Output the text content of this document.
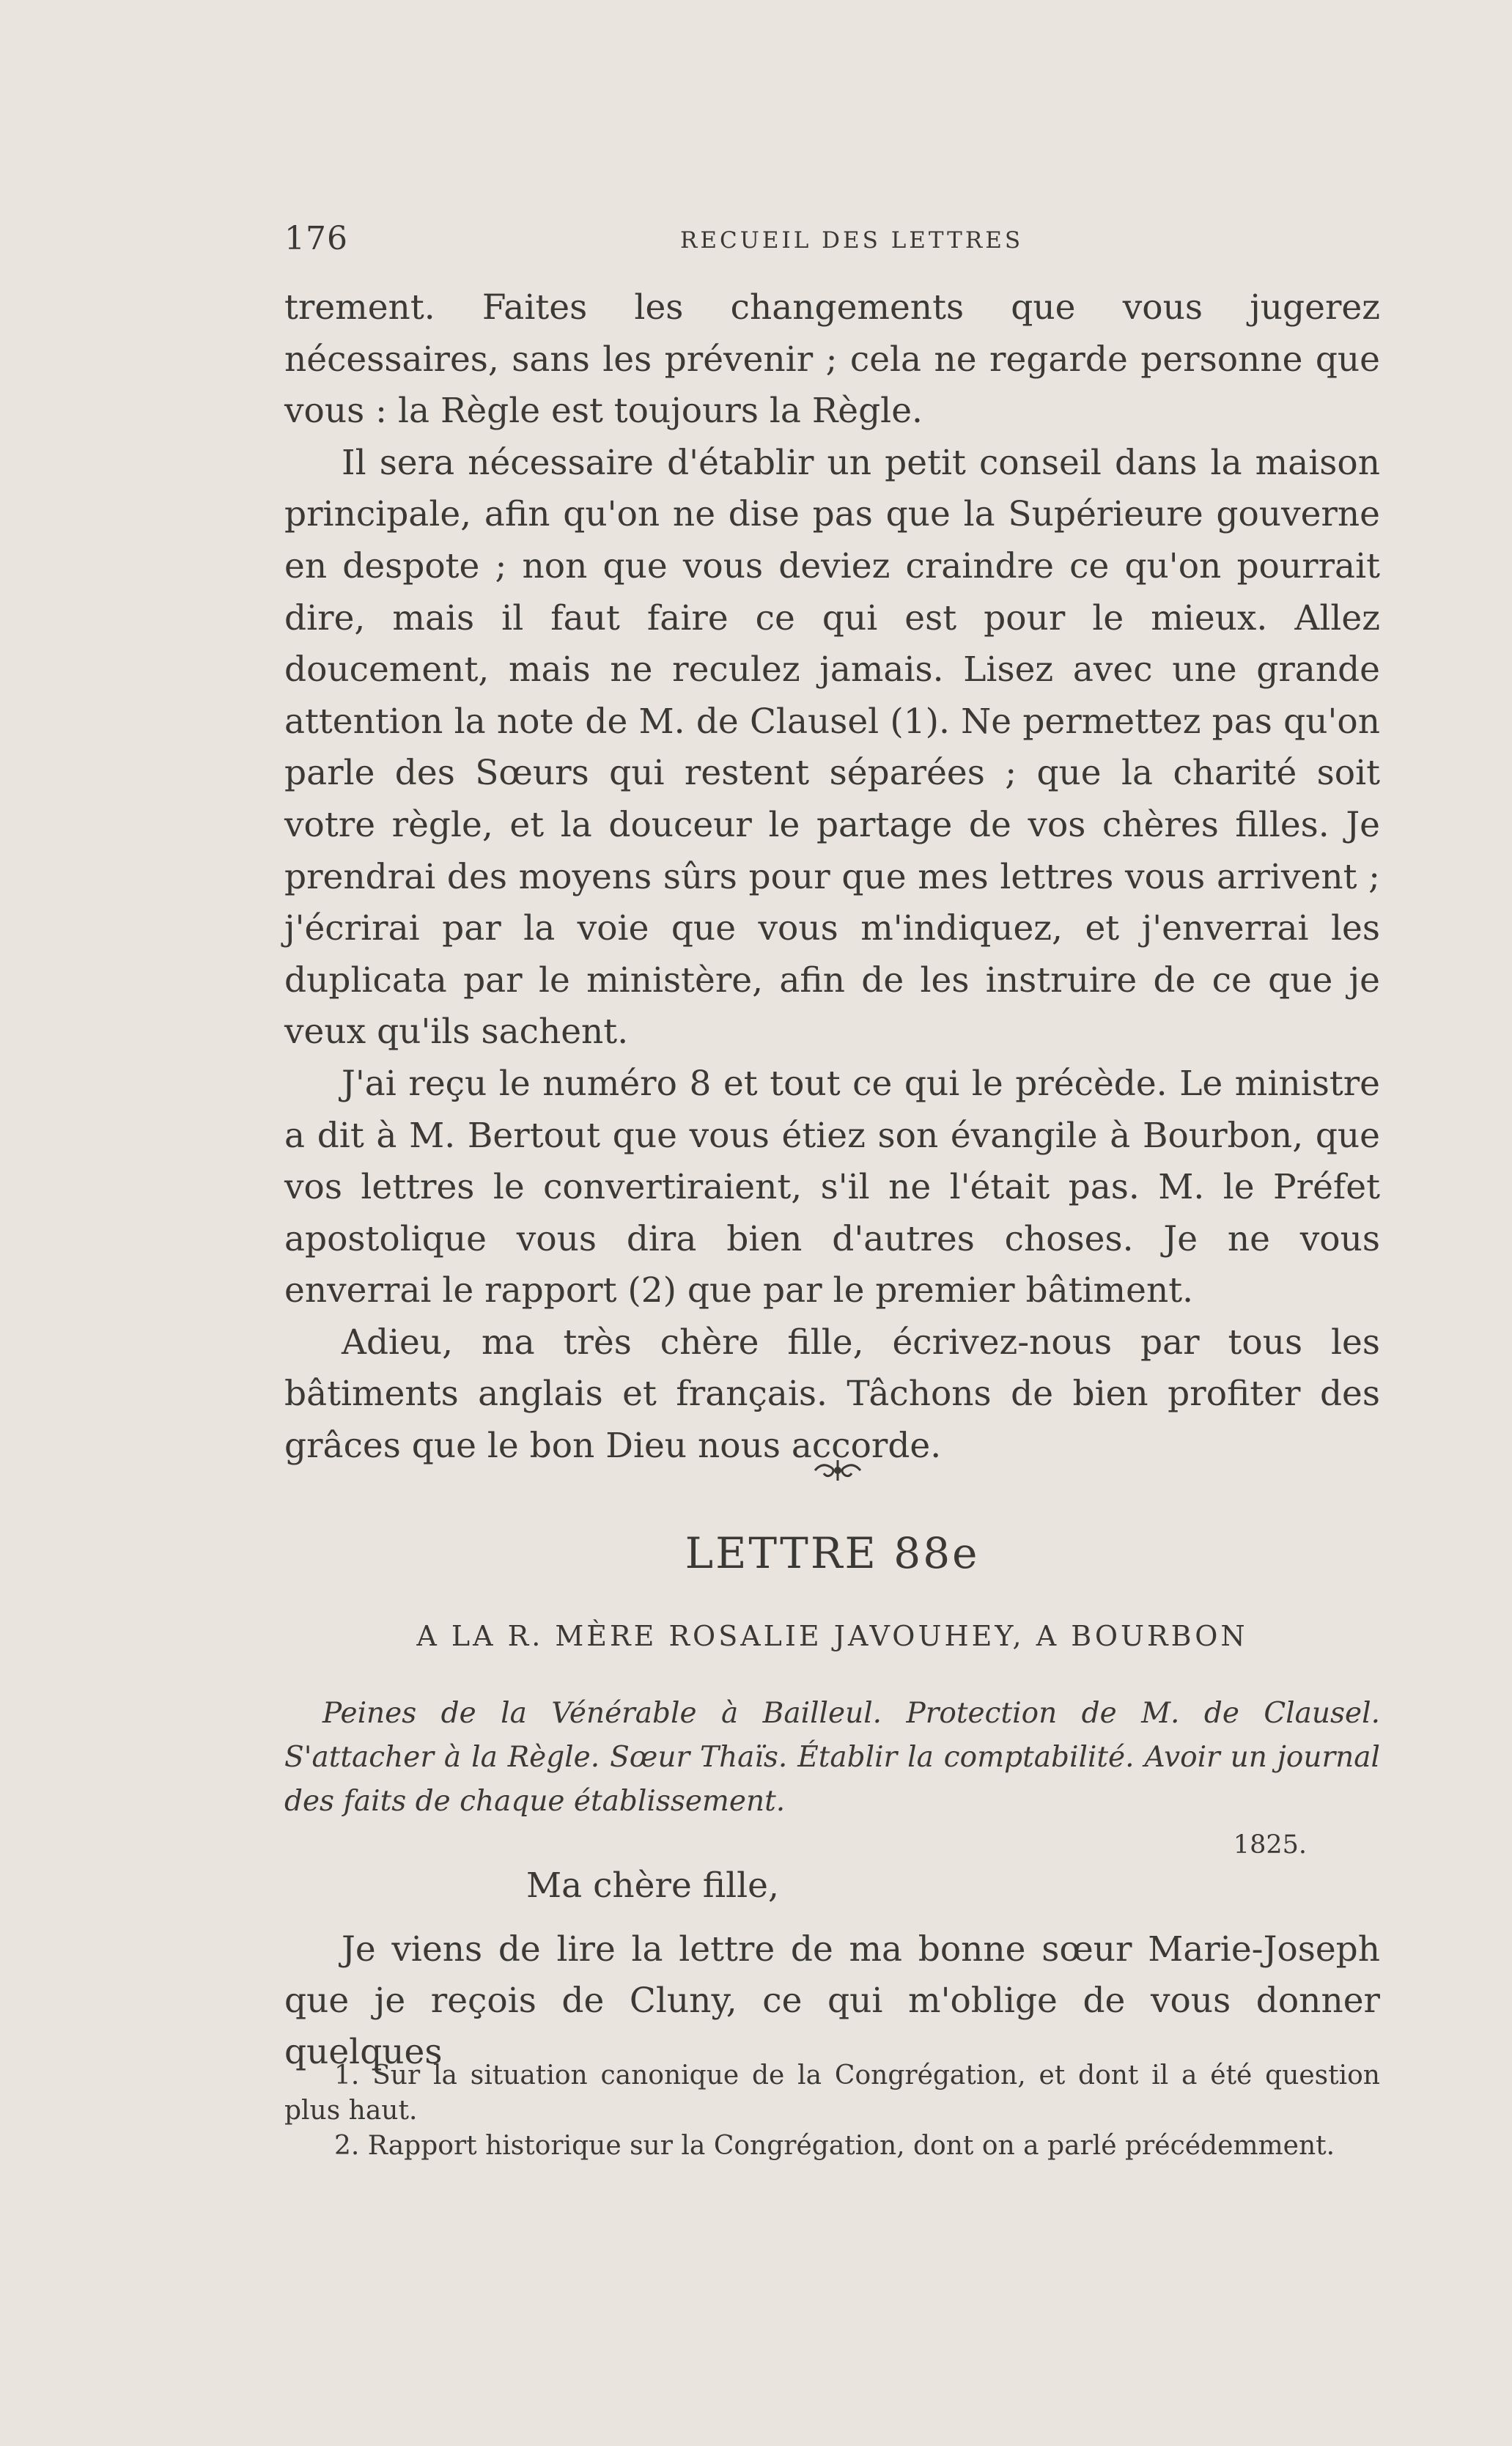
176	RECUEIL DES LETTRES

trement. Faites les changements que vous jugerez nécessaires, sans les prévenir ; cela ne regarde personne que vous : la Règle est toujours la Règle.

Il sera nécessaire d'établir un petit conseil dans la maison principale, afin qu'on ne dise pas que la Supérieure gouverne en despote ; non que vous deviez craindre ce qu'on pourrait dire, mais il faut faire ce qui est pour le mieux. Allez doucement, mais ne reculez jamais. Lisez avec une grande attention la note de M. de Clausel (1). Ne permettez pas qu'on parle des Sœurs qui restent séparées ; que la charité soit votre règle, et la douceur le partage de vos chères filles. Je prendrai des moyens sûrs pour que mes lettres vous arrivent ; j'écrirai par la voie que vous m'indiquez, et j'enverrai les duplicata par le ministère, afin de les instruire de ce que je veux qu'ils sachent.

J'ai reçu le numéro 8 et tout ce qui le précède. Le ministre a dit à M. Bertout que vous étiez son évangile à Bourbon, que vos lettres le convertiraient, s'il ne l'était pas. M. le Préfet apostolique vous dira bien d'autres choses. Je ne vous enverrai le rapport (2) que par le premier bâtiment.

Adieu, ma très chère fille, écrivez-nous par tous les bâtiments anglais et français. Tâchons de bien profiter des grâces que le bon Dieu nous accorde.

LETTRE 88e
A LA R. MÈRE ROSALIE JAVOUHEY, A BOURBON
Peines de la Vénérable à Bailleul. Protection de M. de Clausel. S'attacher à la Règle. Sœur Thaïs. Établir la comptabilité. Avoir un journal des faits de chaque établissement.
1825.
Ma chère fille,
Je viens de lire la lettre de ma bonne sœur Marie-Joseph que je reçois de Cluny, ce qui m'oblige de vous donner quelques

1. Sur la situation canonique de la Congrégation, et dont il a été question plus haut.

2. Rapport historique sur la Congrégation, dont on a parlé précédemment.
